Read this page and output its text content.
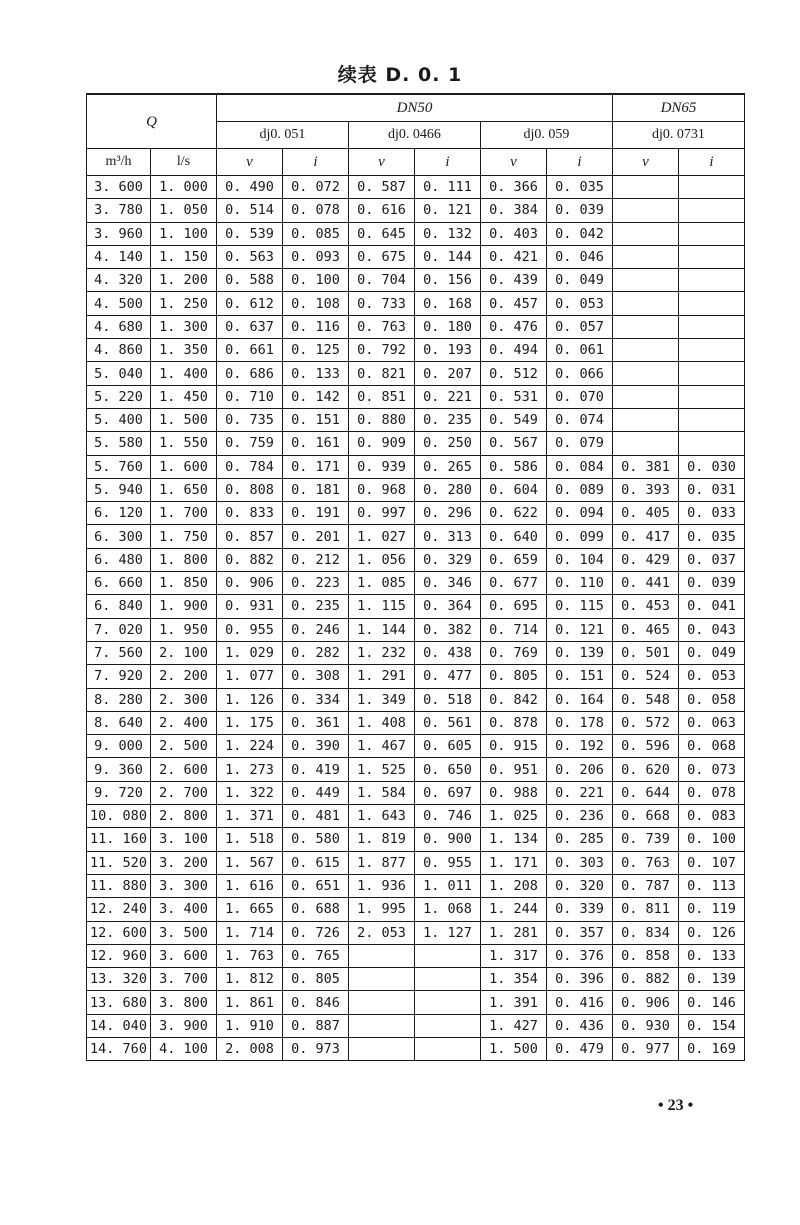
续表 D. 0. 1
Q		DN50						DN65	
		dj0. 051		dj0. 0466		dj0. 059		dj0. 0731	
m³/h	l/s	v	i	v	i	v	i	v	i
3. 600	1. 000	0. 490	0. 072	0. 587	0. 111	0. 366	0. 035		
3. 780	1. 050	0. 514	0. 078	0. 616	0. 121	0. 384	0. 039		
3. 960	1. 100	0. 539	0. 085	0. 645	0. 132	0. 403	0. 042		
4. 140	1. 150	0. 563	0. 093	0. 675	0. 144	0. 421	0. 046		
4. 320	1. 200	0. 588	0. 100	0. 704	0. 156	0. 439	0. 049		
4. 500	1. 250	0. 612	0. 108	0. 733	0. 168	0. 457	0. 053		
4. 680	1. 300	0. 637	0. 116	0. 763	0. 180	0. 476	0. 057		
4. 860	1. 350	0. 661	0. 125	0. 792	0. 193	0. 494	0. 061		
5. 040	1. 400	0. 686	0. 133	0. 821	0. 207	0. 512	0. 066		
5. 220	1. 450	0. 710	0. 142	0. 851	0. 221	0. 531	0. 070		
5. 400	1. 500	0. 735	0. 151	0. 880	0. 235	0. 549	0. 074		
5. 580	1. 550	0. 759	0. 161	0. 909	0. 250	0. 567	0. 079		
5. 760	1. 600	0. 784	0. 171	0. 939	0. 265	0. 586	0. 084	0. 381	0. 030
5. 940	1. 650	0. 808	0. 181	0. 968	0. 280	0. 604	0. 089	0. 393	0. 031
6. 120	1. 700	0. 833	0. 191	0. 997	0. 296	0. 622	0. 094	0. 405	0. 033
6. 300	1. 750	0. 857	0. 201	1. 027	0. 313	0. 640	0. 099	0. 417	0. 035
6. 480	1. 800	0. 882	0. 212	1. 056	0. 329	0. 659	0. 104	0. 429	0. 037
6. 660	1. 850	0. 906	0. 223	1. 085	0. 346	0. 677	0. 110	0. 441	0. 039
6. 840	1. 900	0. 931	0. 235	1. 115	0. 364	0. 695	0. 115	0. 453	0. 041
7. 020	1. 950	0. 955	0. 246	1. 144	0. 382	0. 714	0. 121	0. 465	0. 043
7. 560	2. 100	1. 029	0. 282	1. 232	0. 438	0. 769	0. 139	0. 501	0. 049
7. 920	2. 200	1. 077	0. 308	1. 291	0. 477	0. 805	0. 151	0. 524	0. 053
8. 280	2. 300	1. 126	0. 334	1. 349	0. 518	0. 842	0. 164	0. 548	0. 058
8. 640	2. 400	1. 175	0. 361	1. 408	0. 561	0. 878	0. 178	0. 572	0. 063
9. 000	2. 500	1. 224	0. 390	1. 467	0. 605	0. 915	0. 192	0. 596	0. 068
9. 360	2. 600	1. 273	0. 419	1. 525	0. 650	0. 951	0. 206	0. 620	0. 073
9. 720	2. 700	1. 322	0. 449	1. 584	0. 697	0. 988	0. 221	0. 644	0. 078
10. 080	2. 800	1. 371	0. 481	1. 643	0. 746	1. 025	0. 236	0. 668	0. 083
11. 160	3. 100	1. 518	0. 580	1. 819	0. 900	1. 134	0. 285	0. 739	0. 100
11. 520	3. 200	1. 567	0. 615	1. 877	0. 955	1. 171	0. 303	0. 763	0. 107
11. 880	3. 300	1. 616	0. 651	1. 936	1. 011	1. 208	0. 320	0. 787	0. 113
12. 240	3. 400	1. 665	0. 688	1. 995	1. 068	1. 244	0. 339	0. 811	0. 119
12. 600	3. 500	1. 714	0. 726	2. 053	1. 127	1. 281	0. 357	0. 834	0. 126
12. 960	3. 600	1. 763	0. 765			1. 317	0. 376	0. 858	0. 133
13. 320	3. 700	1. 812	0. 805			1. 354	0. 396	0. 882	0. 139
13. 680	3. 800	1. 861	0. 846			1. 391	0. 416	0. 906	0. 146
14. 040	3. 900	1. 910	0. 887			1. 427	0. 436	0. 930	0. 154
14. 760	4. 100	2. 008	0. 973			1. 500	0. 479	0. 977	0. 169
• 23 •
